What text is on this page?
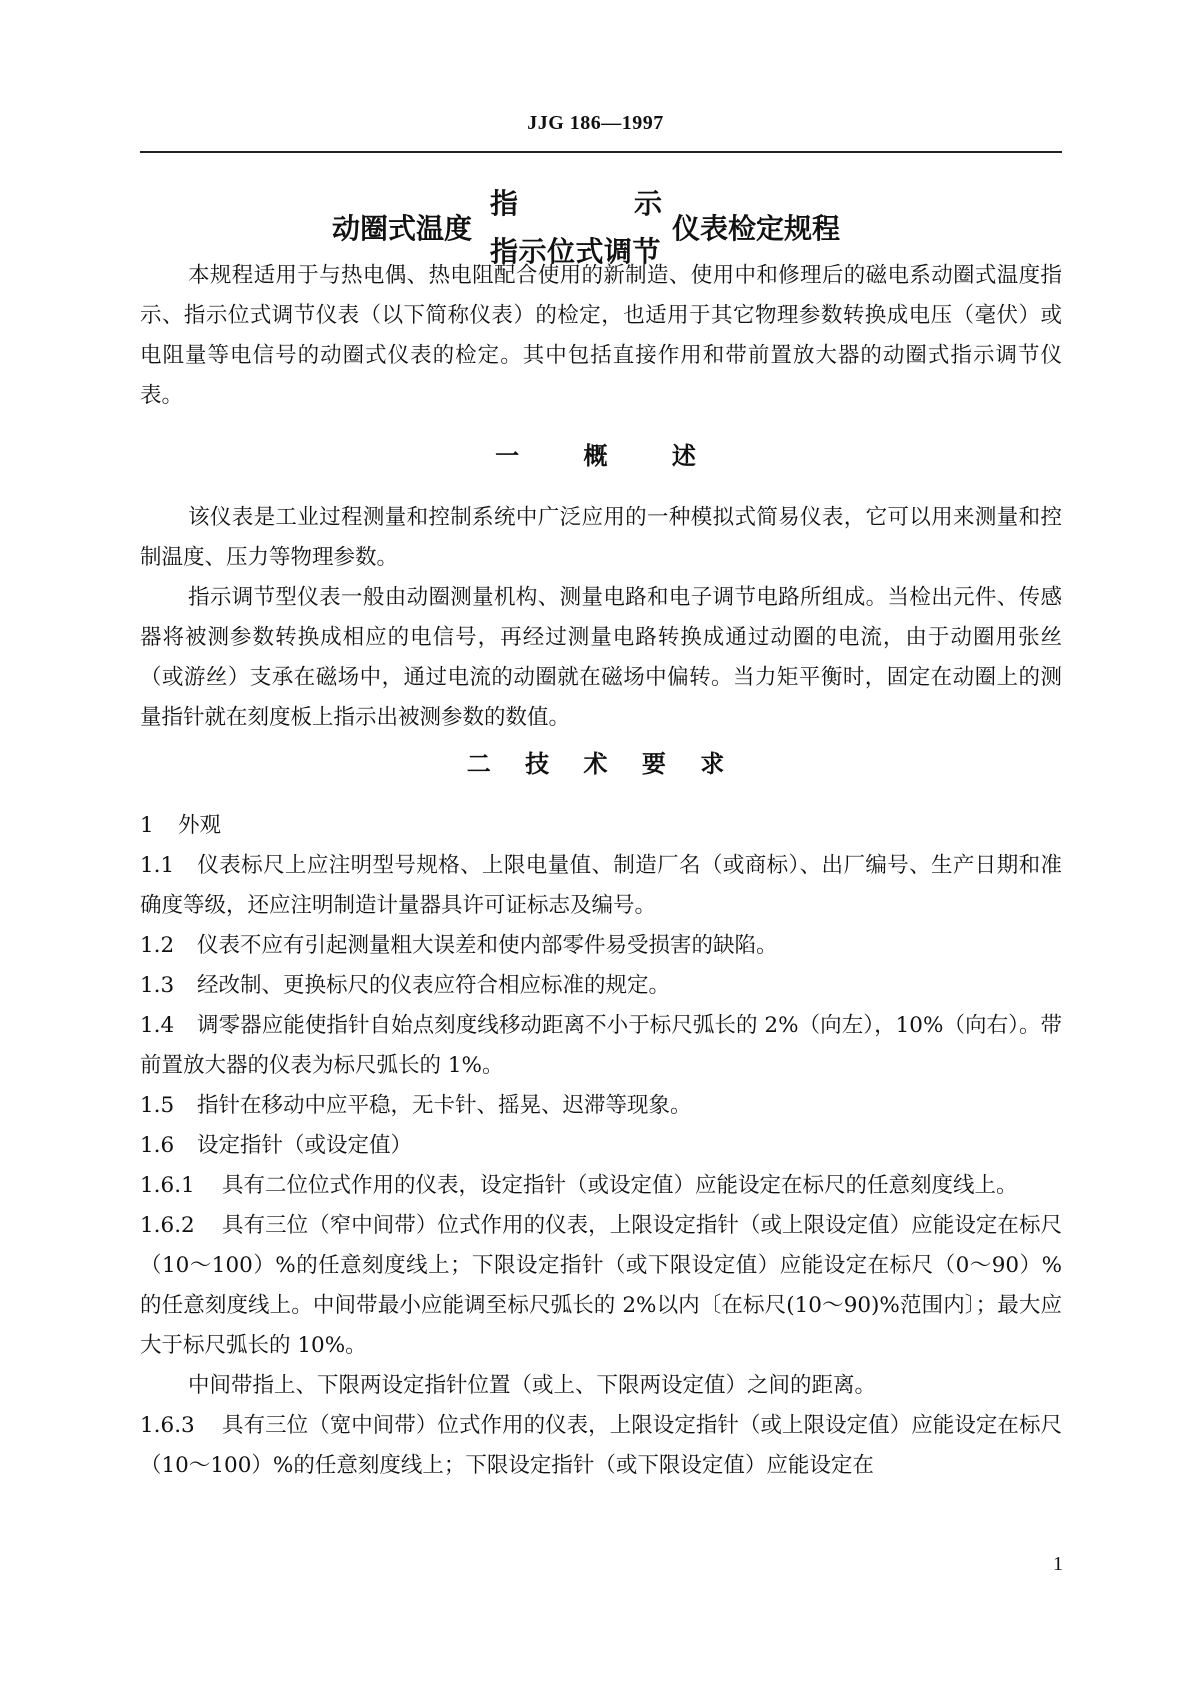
JJG 186—1997
动圈式温度
指	示
指示位式调节
仪表检定规程

本规程适用于与热电偶、热电阻配合使用的新制造、使用中和修理后的磁电系动圈式温度指示、指示位式调节仪表（以下简称仪表）的检定，也适用于其它物理参数转换成电压（毫伏）或电阻量等电信号的动圈式仪表的检定。其中包括直接作用和带前置放大器的动圈式指示调节仪表。

一	概	述

该仪表是工业过程测量和控制系统中广泛应用的一种模拟式简易仪表，它可以用来测量和控制温度、压力等物理参数。

指示调节型仪表一般由动圈测量机构、测量电路和电子调节电路所组成。当检出元件、传感器将被测参数转换成相应的电信号，再经过测量电路转换成通过动圈的电流，由于动圈用张丝（或游丝）支承在磁场中，通过电流的动圈就在磁场中偏转。当力矩平衡时，固定在动圈上的测量指针就在刻度板上指示出被测参数的数值。

二 技 术 要 求

1 外观

1.1 仪表标尺上应注明型号规格、上限电量值、制造厂名（或商标）、出厂编号、生产日期和准确度等级，还应注明制造计量器具许可证标志及编号。

1.2 仪表不应有引起测量粗大误差和使内部零件易受损害的缺陷。

1.3 经改制、更换标尺的仪表应符合相应标准的规定。

1.4 调零器应能使指针自始点刻度线移动距离不小于标尺弧长的 2%（向左），10%（向右）。带前置放大器的仪表为标尺弧长的 1%。

1.5 指针在移动中应平稳，无卡针、摇晃、迟滞等现象。

1.6 设定指针（或设定值）

1.6.1 具有二位位式作用的仪表，设定指针（或设定值）应能设定在标尺的任意刻度线上。

1.6.2 具有三位（窄中间带）位式作用的仪表，上限设定指针（或上限设定值）应能设定在标尺（10～100）%的任意刻度线上；下限设定指针（或下限设定值）应能设定在标尺（0～90）%的任意刻度线上。中间带最小应能调至标尺弧长的 2%以内〔在标尺(10～90)%范围内〕；最大应大于标尺弧长的 10%。

中间带指上、下限两设定指针位置（或上、下限两设定值）之间的距离。

1.6.3 具有三位（宽中间带）位式作用的仪表，上限设定指针（或上限设定值）应能设定在标尺（10～100）%的任意刻度线上；下限设定指针（或下限设定值）应能设定在

1
